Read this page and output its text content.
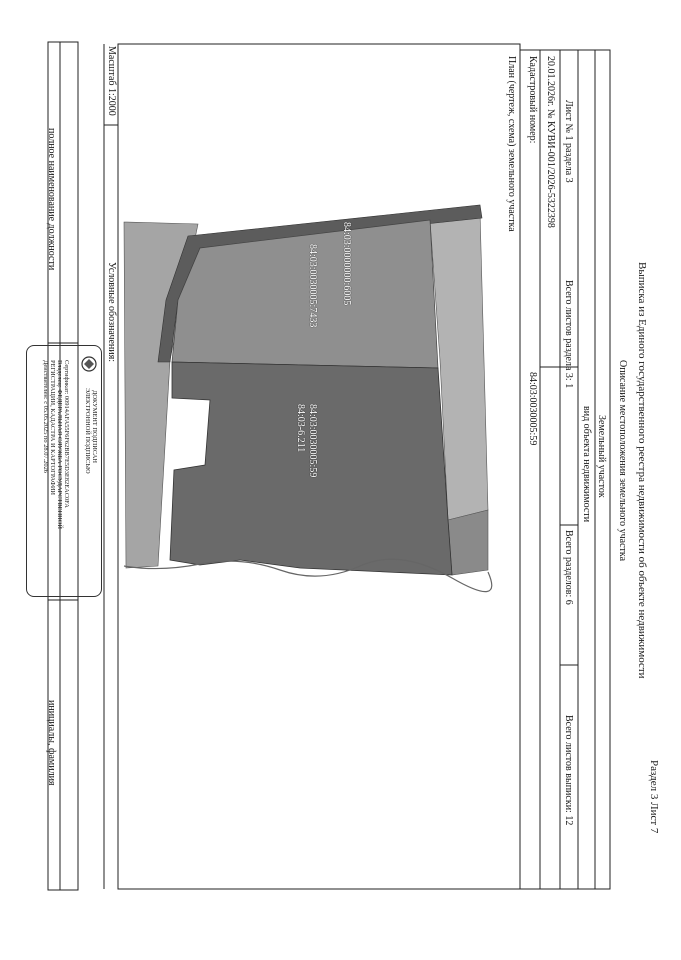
Выписка из Единого государственного реестра недвижимости об объекте недвижимости
Раздел 3 Лист 7
Описание местоположения земельного участка
Земельный участок
вид объекта недвижимости
Лист № 1 раздела 3
Всего листов раздела 3: 1
Всего разделов: 6
Всего листов выписки: 12
20.01.2026г. № КУВИ-001/2026-5322398
Кадастровый номер:
84:03:0030005:59
План (чертеж, схема) земельного участка
Масштаб 1:2000
Условные обозначения:	84:03:0000000:6005
84:03:0030005:7433
84:03-6.211 84:03:0030005:59
полное наименование должности
инициалы, фамилия
ДОКУМЕНТ ПОДПИСАН
ЭЛЕКТРОННОЙ ПОДПИСЬЮ
Сертификат: 00914AFA55F6F62BB7E5D3E82EAC0FA
Владелец: ФЕДЕРАЛЬНАЯ СЛУЖБА ГОСУДАРСТВЕННОЙ
РЕГИСТРАЦИИ, КАДАСТРА И КАРТОГРАФИИ
Действителен: с 05.05.2025 по 28.07.2026
